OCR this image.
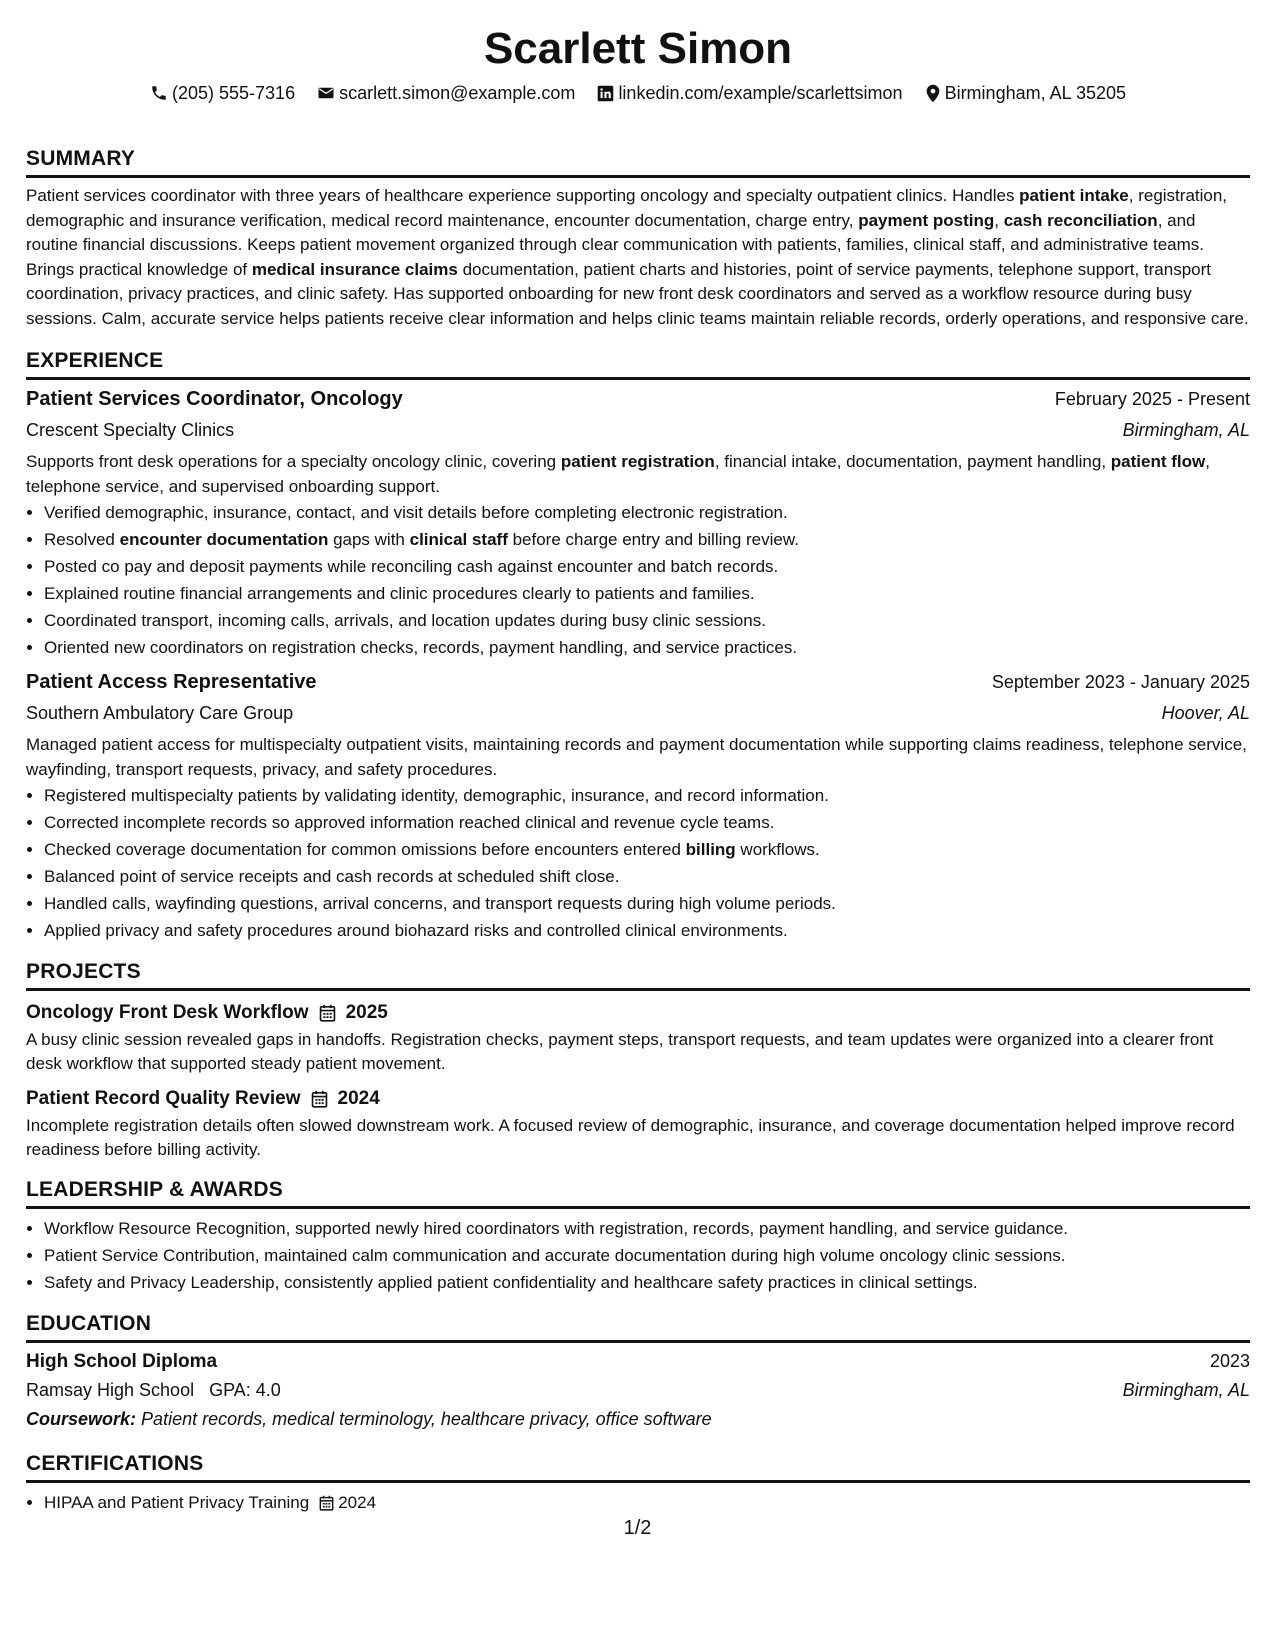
Scarlett Simon
(205) 555-7316 scarlett.simon@example.com linkedin.com/example/scarlettsimon Birmingham, AL 35205
SUMMARY

Patient services coordinator with three years of healthcare experience supporting oncology and specialty outpatient clinics. Handles patient intake, registration, demographic and insurance verification, medical record maintenance, encounter documentation, charge entry, payment posting, cash reconciliation, and routine financial discussions. Keeps patient movement organized through clear communication with patients, families, clinical staff, and administrative teams. Brings practical knowledge of medical insurance claims documentation, patient charts and histories, point of service payments, telephone support, transport coordination, privacy practices, and clinic safety. Has supported onboarding for new front desk coordinators and served as a workflow resource during busy sessions. Calm, accurate service helps patients receive clear information and helps clinic teams maintain reliable records, orderly operations, and responsive care.

EXPERIENCE
Patient Services Coordinator, Oncology	February 2025 - Present
Crescent Specialty Clinics	Birmingham, AL
Supports front desk operations for a specialty oncology clinic, covering patient registration, financial intake, documentation, payment handling, patient flow, telephone service, and supervised onboarding support.
• Verified demographic, insurance, contact, and visit details before completing electronic registration.
• Resolved encounter documentation gaps with clinical staff before charge entry and billing review.
• Posted co pay and deposit payments while reconciling cash against encounter and batch records.
• Explained routine financial arrangements and clinic procedures clearly to patients and families.
• Coordinated transport, incoming calls, arrivals, and location updates during busy clinic sessions.
• Oriented new coordinators on registration checks, records, payment handling, and service practices.
Patient Access Representative	September 2023 - January 2025
Southern Ambulatory Care Group	Hoover, AL
Managed patient access for multispecialty outpatient visits, maintaining records and payment documentation while supporting claims readiness, telephone service, wayfinding, transport requests, privacy, and safety procedures.
• Registered multispecialty patients by validating identity, demographic, insurance, and record information.
• Corrected incomplete records so approved information reached clinical and revenue cycle teams.
• Checked coverage documentation for common omissions before encounters entered billing workflows.
• Balanced point of service receipts and cash records at scheduled shift close.
• Handled calls, wayfinding questions, arrival concerns, and transport requests during high volume periods.
• Applied privacy and safety procedures around biohazard risks and controlled clinical environments.
PROJECTS
Oncology Front Desk Workflow 2025
A busy clinic session revealed gaps in handoffs. Registration checks, payment steps, transport requests, and team updates were organized into a clearer front desk workflow that supported steady patient movement.
Patient Record Quality Review 2024
Incomplete registration details often slowed downstream work. A focused review of demographic, insurance, and coverage documentation helped improve record readiness before billing activity.
LEADERSHIP & AWARDS
• Workflow Resource Recognition, supported newly hired coordinators with registration, records, payment handling, and service guidance.
• Patient Service Contribution, maintained calm communication and accurate documentation during high volume oncology clinic sessions.
• Safety and Privacy Leadership, consistently applied patient confidentiality and healthcare safety practices in clinical settings.
EDUCATION
High School Diploma	2023
Ramsay High School GPA: 4.0	Birmingham, AL
Coursework: Patient records, medical terminology, healthcare privacy, office software
CERTIFICATIONS
• HIPAA and Patient Privacy Training 2024
1/2
